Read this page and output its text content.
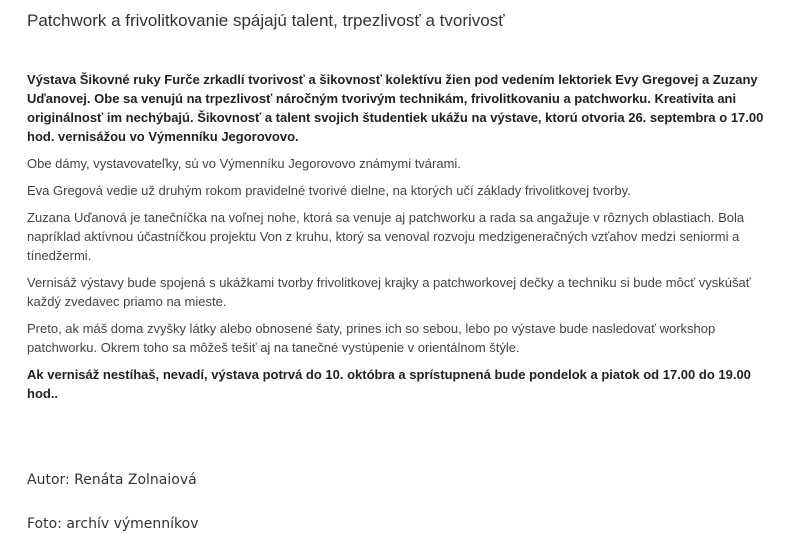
Patchwork a frivolitkovanie spájajú talent, trpezlivosť a tvorivosť

Výstava Šikovné ruky Furče zrkadlí tvorivosť a šikovnosť kolektívu žien pod vedením lektoriek Evy Gregovej a Zuzany Uďanovej. Obe sa venujú na trpezlivosť náročným tvorivým technikám, frivolitkovaniu a patchworku. Kreativita ani originálnosť im nechýbajú. Šikovnosť a talent svojich študentiek ukážu na výstave, ktorú otvoria 26. septembra o 17.00 hod. vernisážou vo Výmenníku Jegorovovo.

Obe dámy, vystavovateľky, sú vo Výmenníku Jegorovovo známymi tvárami.

Eva Gregová vedie už druhým rokom pravidelné tvorivé dielne, na ktorých učí základy frivolitkovej tvorby.

Zuzana Uďanová je tanečníčka na voľnej nohe, ktorá sa venuje aj patchworku a rada sa angažuje v rôznych oblastiach. Bola napríklad aktívnou účastníčkou projektu Von z kruhu, ktorý sa venoval rozvoju medzigeneračných vzťahov medzi seniormi a tínedžermi.

Vernisáž výstavy bude spojená s ukážkami tvorby frivolitkovej krajky a patchworkovej dečky a techniku si bude môcť vyskúšať každý zvedavec priamo na mieste.

Preto, ak máš doma zvyšky látky alebo obnosené šaty, prines ich so sebou, lebo po výstave bude nasledovať workshop patchworku. Okrem toho sa môžeš tešiť aj na tanečné vystúpenie v orientálnom štýle.

Ak vernisáž nestíhaš, nevadí, výstava potrvá do 10. októbra a sprístupnená bude pondelok a piatok od 17.00 do 19.00 hod..

Autor: Renáta Zolnaiová

Foto: archív výmenníkov
